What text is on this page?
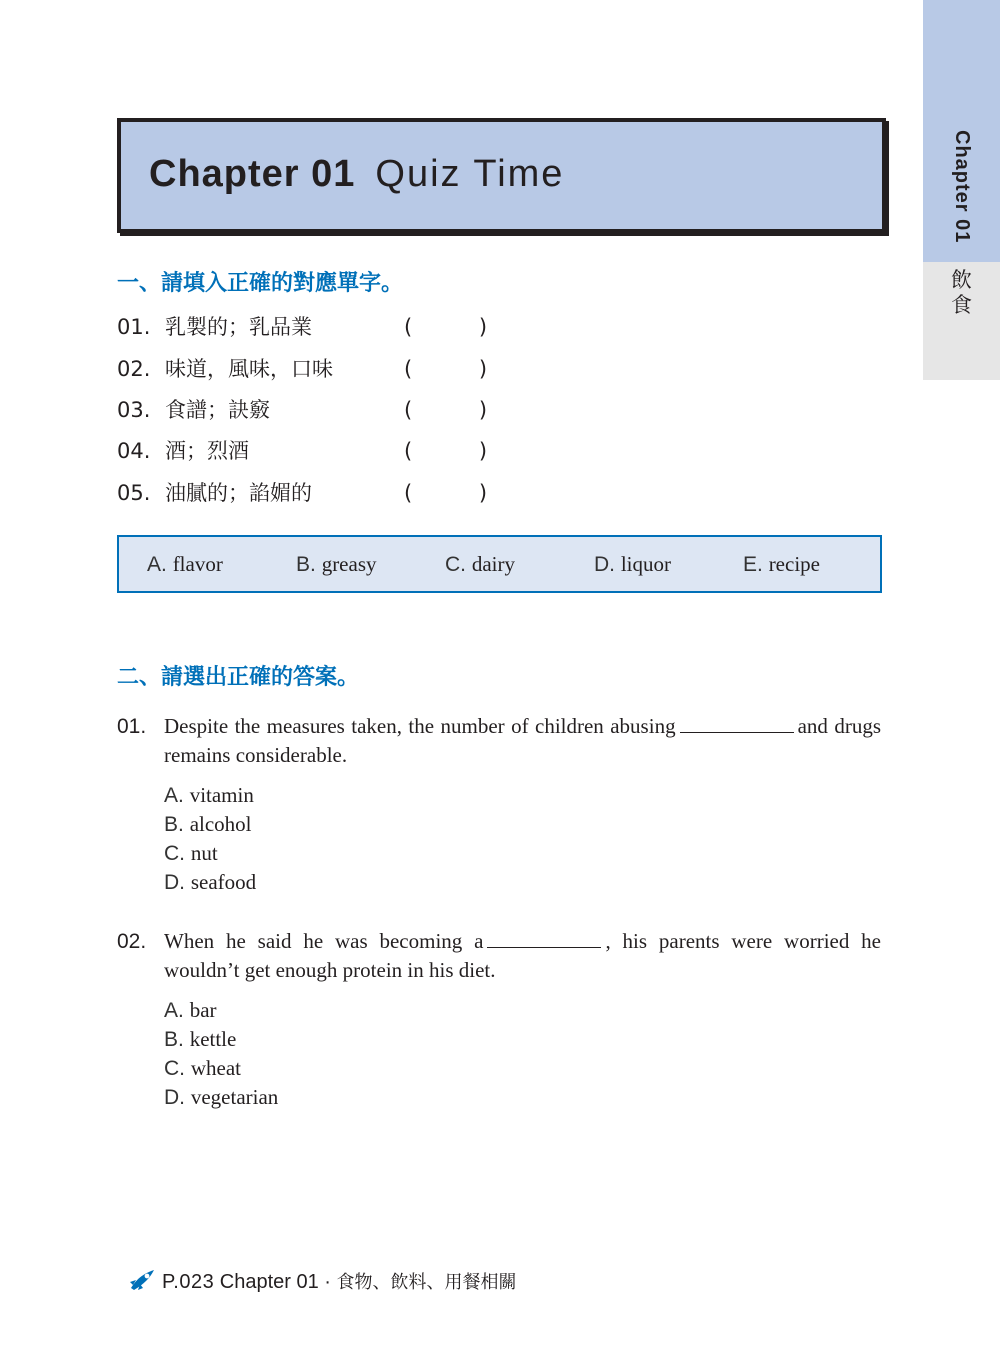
Chapter 01
飲
食
Chapter 01 Quiz Time
一、請填入正確的對應單字。
01. 乳製的；乳品業	( )
02. 味道，風味，口味	( )
03. 食譜；訣竅	( )
04. 酒；烈酒	( )
05. 油膩的；諂媚的	( )
A. flavor	B. greasy	C. dairy	D. liquor	E. recipe
二、請選出正確的答案。
01. Despite the measures taken, the number of children abusing	and drugs remains considerable.
A. vitamin
B. alcohol
C. nut
D. seafood
02. When he said he was becoming a	, his parents were worried he wouldn’t get enough protein in his diet.
A. bar
B. kettle
C. wheat
D. vegetarian
P.023 Chapter 01 · 食物、飲料、用餐相關
